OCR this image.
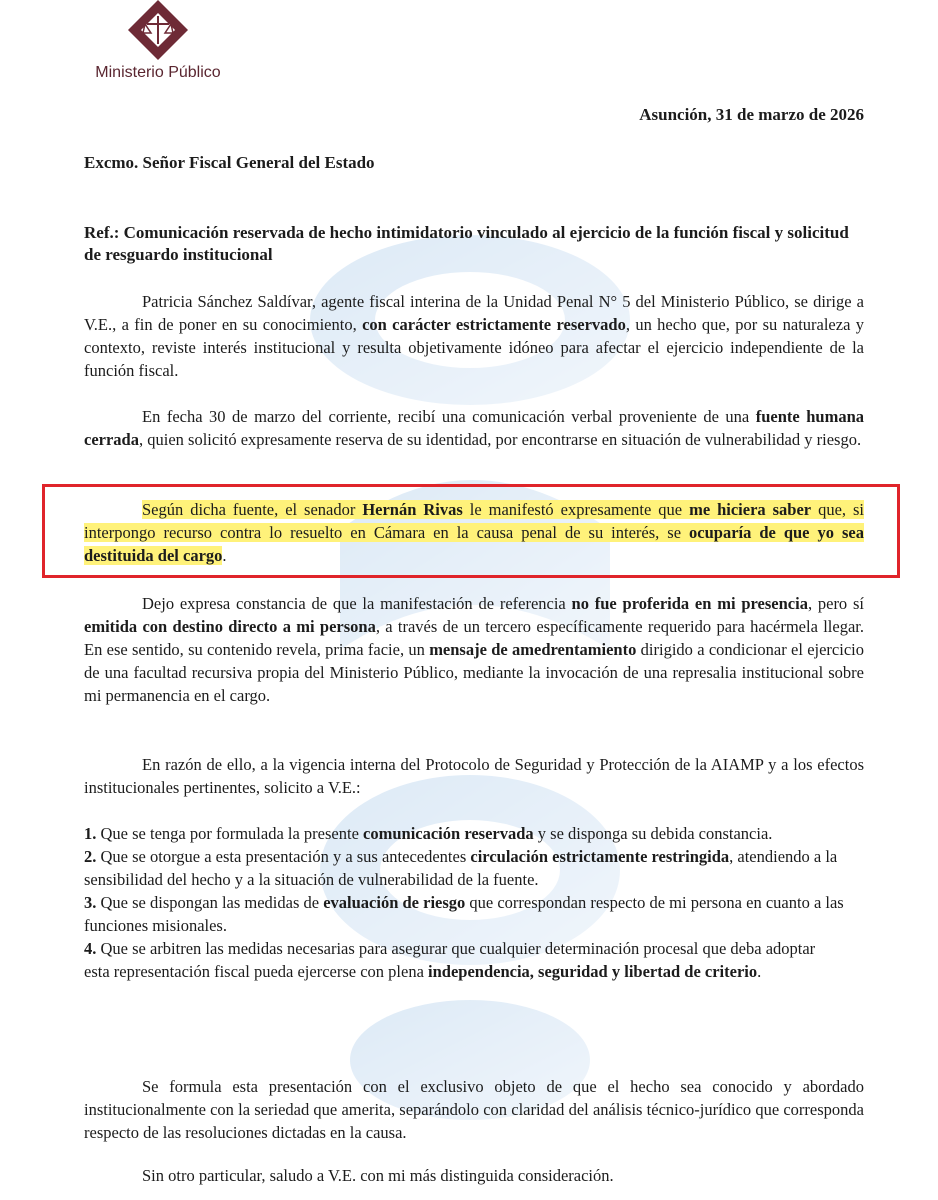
Ministerio Público
Asunción, 31 de marzo de 2026
Excmo. Señor Fiscal General del Estado
Ref.: Comunicación reservada de hecho intimidatorio vinculado al ejercicio de la función fiscal y solicitud de resguardo institucional
Patricia Sánchez Saldívar, agente fiscal interina de la Unidad Penal N° 5 del Ministerio Público, se dirige a V.E., a fin de poner en su conocimiento, con carácter estrictamente reservado, un hecho que, por su naturaleza y contexto, reviste interés institucional y resulta objetivamente idóneo para afectar el ejercicio independiente de la función fiscal.
En fecha 30 de marzo del corriente, recibí una comunicación verbal proveniente de una fuente humana cerrada, quien solicitó expresamente reserva de su identidad, por encontrarse en situación de vulnerabilidad y riesgo.
Según dicha fuente, el senador Hernán Rivas le manifestó expresamente que me hiciera saber que, si interpongo recurso contra lo resuelto en Cámara en la causa penal de su interés, se ocuparía de que yo sea destituida del cargo.
Dejo expresa constancia de que la manifestación de referencia no fue proferida en mi presencia, pero sí emitida con destino directo a mi persona, a través de un tercero específicamente requerido para hacérmela llegar. En ese sentido, su contenido revela, prima facie, un mensaje de amedrentamiento dirigido a condicionar el ejercicio de una facultad recursiva propia del Ministerio Público, mediante la invocación de una represalia institucional sobre mi permanencia en el cargo.
En razón de ello, a la vigencia interna del Protocolo de Seguridad y Protección de la AIAMP y a los efectos institucionales pertinentes, solicito a V.E.:
1. Que se tenga por formulada la presente comunicación reservada y se disponga su debida constancia.
2. Que se otorgue a esta presentación y a sus antecedentes circulación estrictamente restringida, atendiendo a la sensibilidad del hecho y a la situación de vulnerabilidad de la fuente.
3. Que se dispongan las medidas de evaluación de riesgo que correspondan respecto de mi persona en cuanto a las funciones misionales.
4. Que se arbitren las medidas necesarias para asegurar que cualquier determinación procesal que deba adoptar esta representación fiscal pueda ejercerse con plena independencia, seguridad y libertad de criterio.
Se formula esta presentación con el exclusivo objeto de que el hecho sea conocido y abordado institucionalmente con la seriedad que amerita, separándolo con claridad del análisis técnico-jurídico que corresponda respecto de las resoluciones dictadas en la causa.
Sin otro particular, saludo a V.E. con mi más distinguida consideración.
